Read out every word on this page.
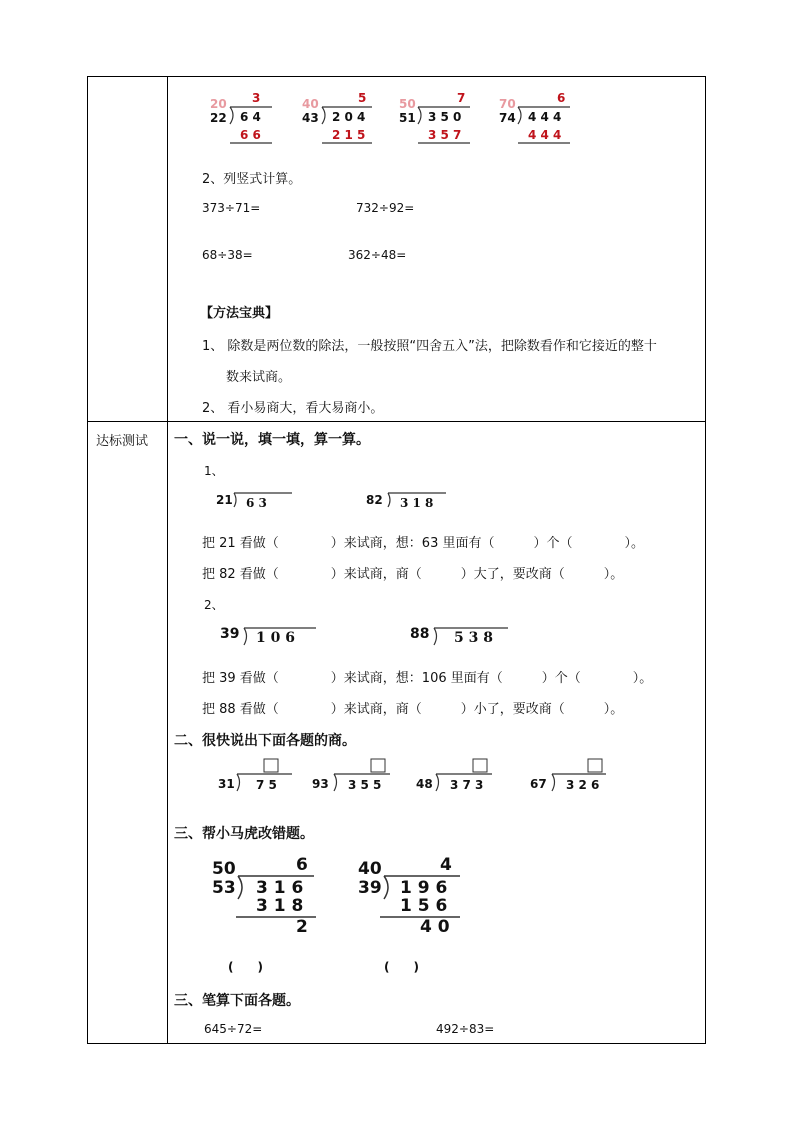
20 3
22 6 4
6 6
40	5
43 2 0 4
2 1 5
50	7
51 3 5 0
3 5 7
70	6
74 4 4 4
4 4 4
2、列竖式计算。
373÷71=	732÷92=
68÷38=	362÷48=
【方法宝典】
1、 除数是两位数的除法，一般按照“四舍五入”法，把除数看作和它接近的整十
数来试商。
2、 看小易商大，看大易商小。
达标测试 一、说一说，填一填，算一算。
1、
21 6 3	82 3 1 8
把 21 看做（　　　　）来试商，想：63 里面有（　　　）个（　　　　）。
把 82 看做（　　　　）来试商，商（　　　）大了，要改商（　　　）。
2、
39 1 0 6	88 5 3 8
把 39 看做（　　　　）来试商，想：106 里面有（　　　）个（　　　　）。
把 88 看做（　　　　）来试商，商（　　　）小了，要改商（　　　）。
二、很快说出下面各题的商。
31 7 5	93 3 5 5	48 3 7 3	67 3 2 6
三、帮小马虎改错题。
50	6
53 3 1 6
3 1 8
2
40	4
39 1 9 6
1 5 6
4 0
(　　)	(　　)
三、笔算下面各题。
645÷72=	492÷83=
